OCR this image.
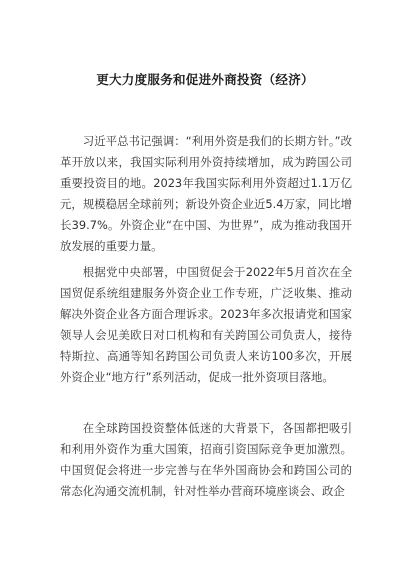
更大力度服务和促进外商投资（经济）

习近平总书记强调：“利用外资是我们的长期方针。”改革开放以来，我国实际利用外资持续增加，成为跨国公司重要投资目的地。2023年我国实际利用外资超过1.1万亿元，规模稳居全球前列；新设外资企业近5.4万家，同比增长39.7%。外资企业“在中国、为世界”，成为推动我国开放发展的重要力量。

根据党中央部署，中国贸促会于2022年5月首次在全国贸促系统组建服务外资企业工作专班，广泛收集、推动解决外资企业各方面合理诉求。2023年多次报请党和国家领导人会见美欧日对口机构和有关跨国公司负责人，接待特斯拉、高通等知名跨国公司负责人来访100多次，开展外资企业“地方行”系列活动，促成一批外资项目落地。

在全球跨国投资整体低迷的大背景下，各国都把吸引和利用外资作为重大国策，招商引资国际竞争更加激烈。中国贸促会将进一步完善与在华外国商协会和跨国公司的常态化沟通交流机制，针对性举办营商环境座谈会、政企
